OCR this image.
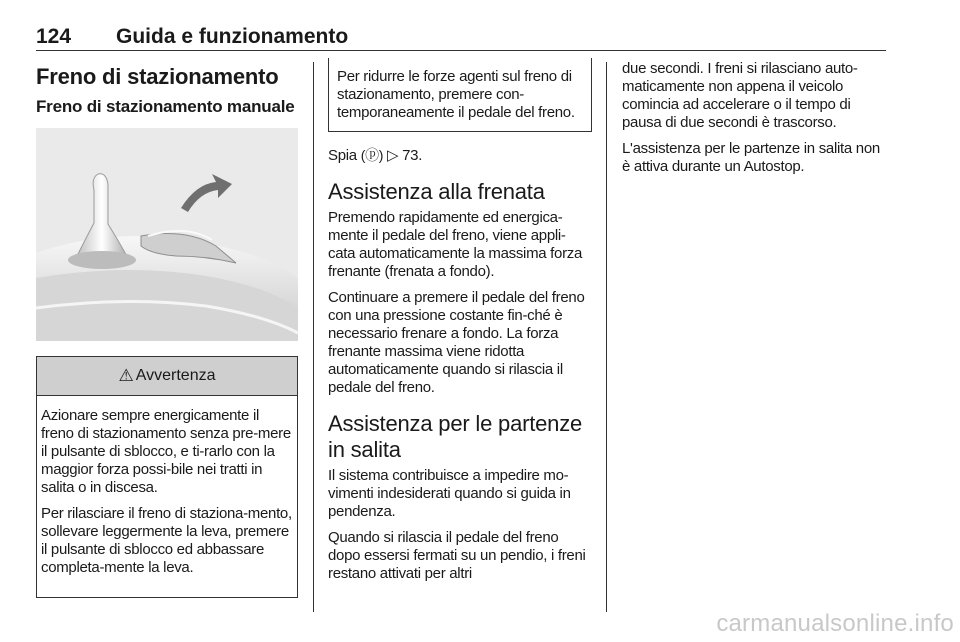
124 Guida e funzionamento
Freno di stazionamento
Freno di stazionamento manuale
⚠ Avvertenza

Azionare sempre energicamente il freno di stazionamento senza pre-mere il pulsante di sblocco, e ti-rarlo con la maggior forza possi-bile nei tratti in salita o in discesa.

Per rilasciare il freno di staziona-mento, sollevare leggermente la leva, premere il pulsante di sblocco ed abbassare completa-mente la leva.

Per ridurre le forze agenti sul freno di stazionamento, premere con-temporaneamente il pedale del freno.

Spia (ⓟ) ▷ 73.

Assistenza alla frenata

Premendo rapidamente ed energica-mente il pedale del freno, viene appli-cata automaticamente la massima forza frenante (frenata a fondo).

Continuare a premere il pedale del freno con una pressione costante fin-ché è necessario frenare a fondo. La forza frenante massima viene ridotta automaticamente quando si rilascia il pedale del freno.

Assistenza per le partenze in salita

Il sistema contribuisce a impedire mo-vimenti indesiderati quando si guida in pendenza.

Quando si rilascia il pedale del freno dopo essersi fermati su un pendio, i freni restano attivati per altri

due secondi. I freni si rilasciano auto-maticamente non appena il veicolo comincia ad accelerare o il tempo di pausa di due secondi è trascorso.

L'assistenza per le partenze in salita non è attiva durante un Autostop.

carmanualsonline.info
